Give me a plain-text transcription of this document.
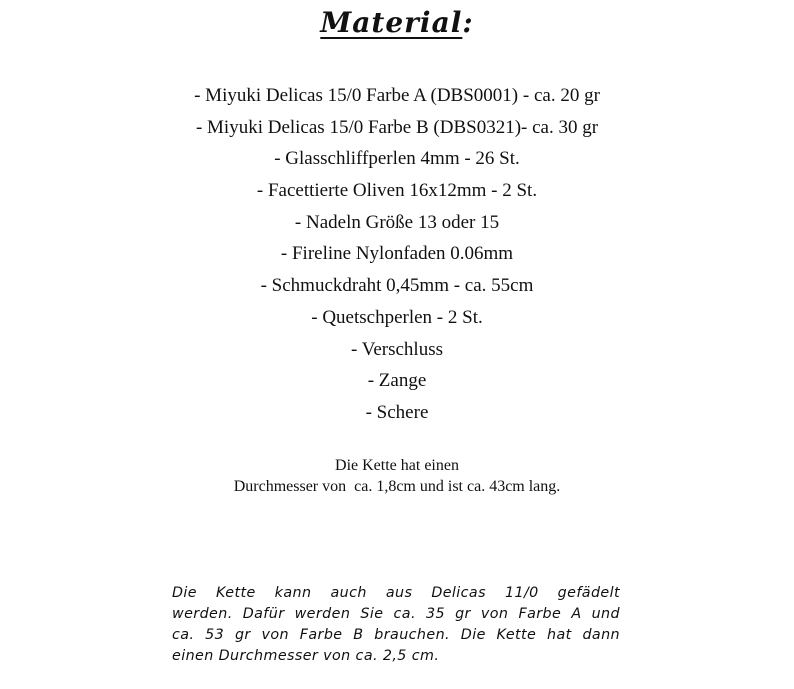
Material:
- Miyuki Delicas 15/0 Farbe A (DBS0001) - ca. 20 gr
- Miyuki Delicas 15/0 Farbe B (DBS0321)- ca. 30 gr
- Glasschliffperlen 4mm - 26 St.
- Facettierte Oliven 16x12mm - 2 St.
- Nadeln Größe 13 oder 15
- Fireline Nylonfaden 0.06mm
- Schmuckdraht 0,45mm - ca. 55cm
- Quetschperlen - 2 St.
- Verschluss
- Zange
- Schere
Die Kette hat einen
Durchmesser von  ca. 1,8cm und ist ca. 43cm lang.
Die Kette kann auch aus Delicas 11/0 gefädelt
werden. Dafür werden Sie ca. 35 gr von Farbe A und
ca. 53 gr von Farbe B brauchen. Die Kette hat dann
einen Durchmesser von ca. 2,5 cm.
